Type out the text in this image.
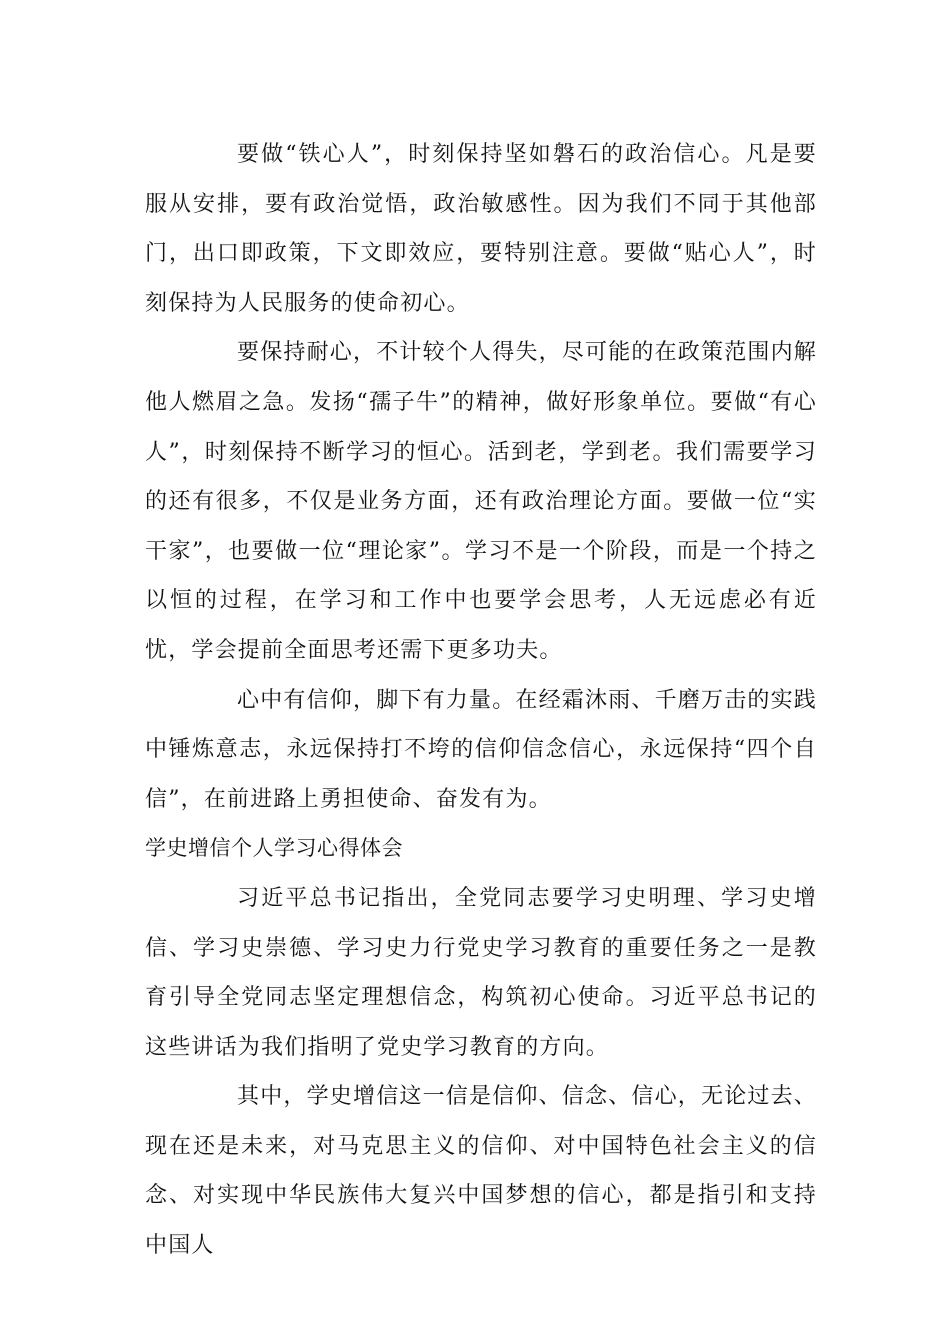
要做“铁心人”，时刻保持坚如磐石的政治信心。凡是要服从安排，要有政治觉悟，政治敏感性。因为我们不同于其他部门，出口即政策，下文即效应，要特别注意。要做“贴心人”，时刻保持为人民服务的使命初心。

要保持耐心，不计较个人得失，尽可能的在政策范围内解他人燃眉之急。发扬“孺子牛”的精神，做好形象单位。要做“有心人”，时刻保持不断学习的恒心。活到老，学到老。我们需要学习的还有很多，不仅是业务方面，还有政治理论方面。要做一位“实干家”，也要做一位“理论家”。学习不是一个阶段，而是一个持之以恒的过程，在学习和工作中也要学会思考，人无远虑必有近忧，学会提前全面思考还需下更多功夫。

心中有信仰，脚下有力量。在经霜沐雨、千磨万击的实践中锤炼意志，永远保持打不垮的信仰信念信心，永远保持“四个自信”，在前进路上勇担使命、奋发有为。

学史增信个人学习心得体会

习近平总书记指出，全党同志要学习史明理、学习史增信、学习史崇德、学习史力行党史学习教育的重要任务之一是教育引导全党同志坚定理想信念，构筑初心使命。习近平总书记的这些讲话为我们指明了党史学习教育的方向。

其中，学史增信这一信是信仰、信念、信心，无论过去、现在还是未来，对马克思主义的信仰、对中国特色社会主义的信念、对实现中华民族伟大复兴中国梦想的信心，都是指引和支持中国人
